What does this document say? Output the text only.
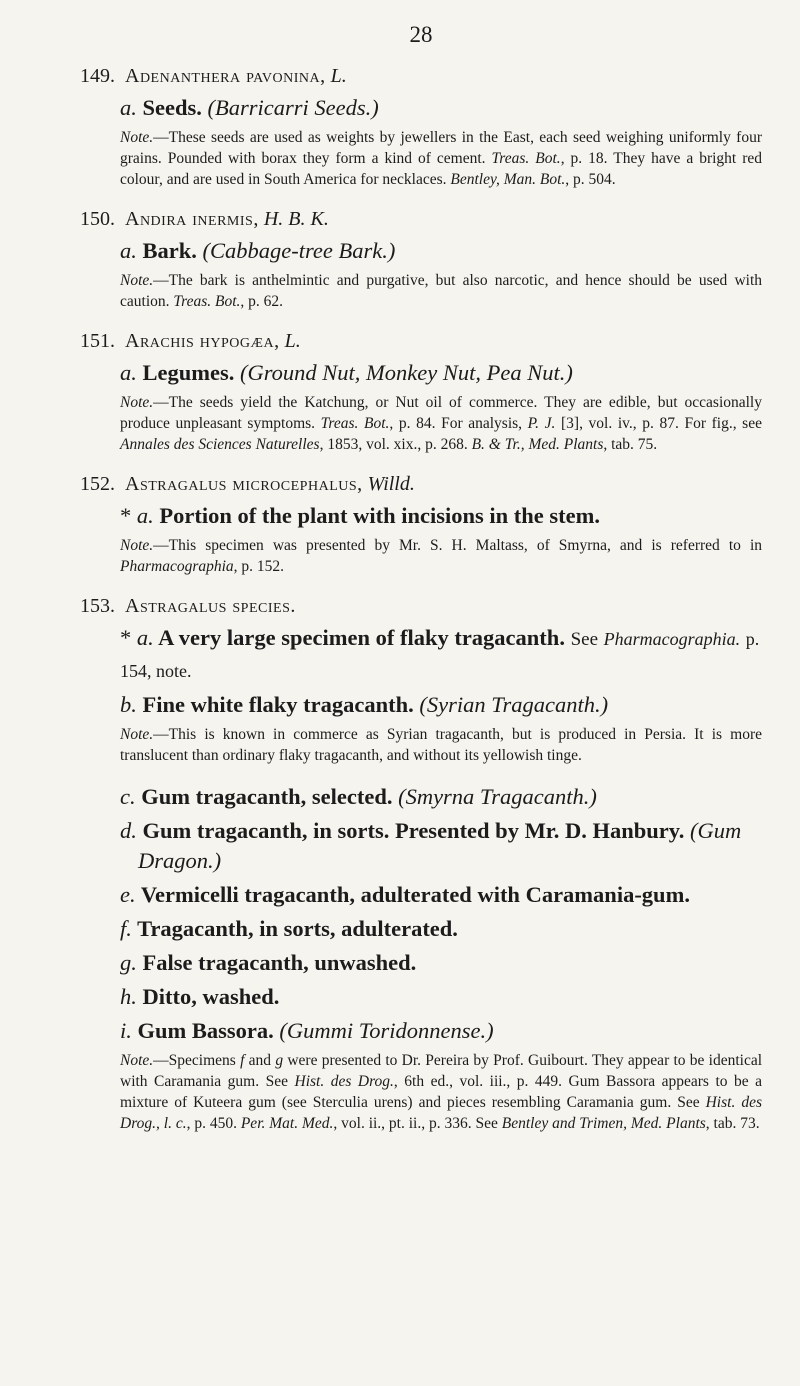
28
149. Adenanthera pavonina, L.
a. Seeds. (Barricarri Seeds.)
Note.—These seeds are used as weights by jewellers in the East, each seed weighing uniformly four grains. Pounded with borax they form a kind of cement. Treas. Bot., p. 18. They have a bright red colour, and are used in South America for necklaces. Bentley, Man. Bot., p. 504.
150. Andira inermis, H. B. K.
a. Bark. (Cabbage-tree Bark.)
Note.—The bark is anthelmintic and purgative, but also narcotic, and hence should be used with caution. Treas. Bot., p. 62.
151. Arachis hypogæa, L.
a. Legumes. (Ground Nut, Monkey Nut, Pea Nut.)
Note.—The seeds yield the Katchung, or Nut oil of commerce. They are edible, but occasionally produce unpleasant symptoms. Treas. Bot., p. 84. For analysis, P. J. [3], vol. iv., p. 87. For fig., see Annales des Sciences Naturelles, 1853, vol. xix., p. 268. B. & Tr., Med. Plants, tab. 75.
152. Astragalus microcephalus, Willd.
* a. Portion of the plant with incisions in the stem.
Note.—This specimen was presented by Mr. S. H. Maltass, of Smyrna, and is referred to in Pharmacographia, p. 152.
153. Astragalus species.
* a. A very large specimen of flaky tragacanth. See Pharmacographia. p. 154, note.
b. Fine white flaky tragacanth. (Syrian Tragacanth.)
Note.—This is known in commerce as Syrian tragacanth, but is produced in Persia. It is more translucent than ordinary flaky tragacanth, and without its yellowish tinge.
c. Gum tragacanth, selected. (Smyrna Tragacanth.)
d. Gum tragacanth, in sorts. Presented by Mr. D. Hanbury. (Gum Dragon.)
e. Vermicelli tragacanth, adulterated with Caramania-gum.
f. Tragacanth, in sorts, adulterated.
g. False tragacanth, unwashed.
h. Ditto, washed.
i. Gum Bassora. (Gummi Toridonnense.)
Note.—Specimens f and g were presented to Dr. Pereira by Prof. Guibourt. They appear to be identical with Caramania gum. See Hist. des Drog., 6th ed., vol. iii., p. 449. Gum Bassora appears to be a mixture of Kuteera gum (see Sterculia urens) and pieces resembling Caramania gum. See Hist. des Drog., l. c., p. 450. Per. Mat. Med., vol. ii., pt. ii., p. 336. See Bentley and Trimen, Med. Plants, tab. 73.
